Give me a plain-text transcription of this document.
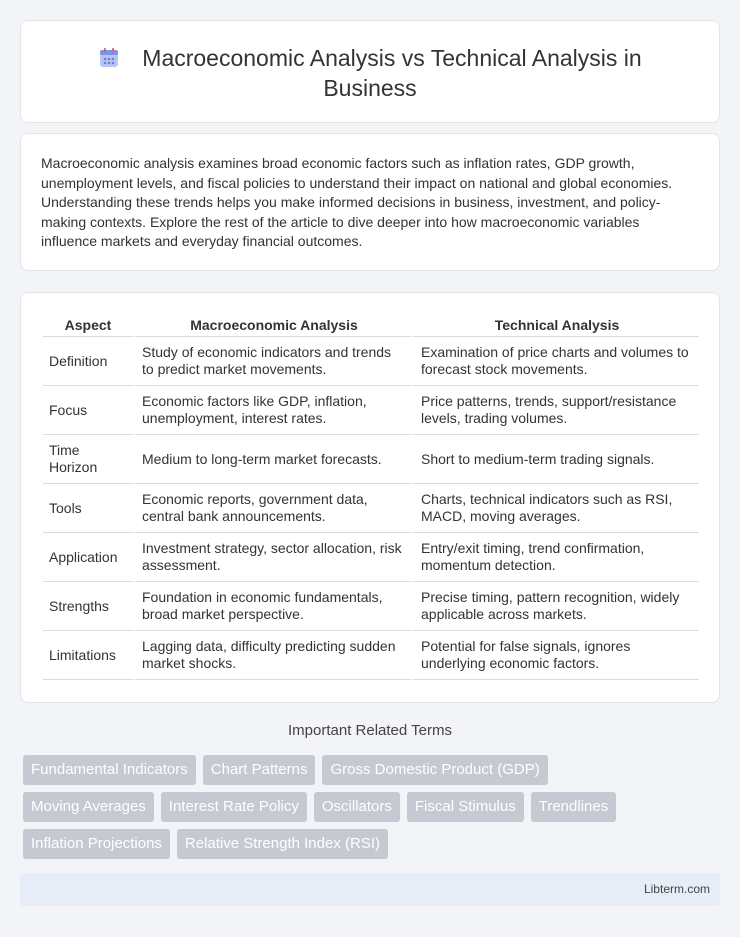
Macroeconomic Analysis vs Technical Analysis in
Business

Macroeconomic analysis examines broad economic factors such as inflation rates, GDP growth, unemployment levels, and fiscal policies to understand their impact on national and global economies. Understanding these trends helps you make informed decisions in business, investment, and policy-making contexts. Explore the rest of the article to dive deeper into how macroeconomic variables influence markets and everyday financial outcomes.

Aspect	Macroeconomic Analysis	Technical Analysis
Definition	Study of economic indicators and trends to predict market movements.	Examination of price charts and volumes to forecast stock movements.
Focus	Economic factors like GDP, inflation, unemployment, interest rates.	Price patterns, trends, support/resistance levels, trading volumes.
Time Horizon	Medium to long-term market forecasts.	Short to medium-term trading signals.
Tools	Economic reports, government data, central bank announcements.	Charts, technical indicators such as RSI, MACD, moving averages.
Application	Investment strategy, sector allocation, risk assessment.	Entry/exit timing, trend confirmation, momentum detection.
Strengths	Foundation in economic fundamentals, broad market perspective.	Precise timing, pattern recognition, widely applicable across markets.
Limitations	Lagging data, difficulty predicting sudden market shocks.	Potential for false signals, ignores underlying economic factors.
Important Related Terms
Fundamental Indicators	Chart Patterns	Gross Domestic Product (GDP)
Moving Averages	Interest Rate Policy	Oscillators	Fiscal Stimulus	Trendlines
Inflation Projections	Relative Strength Index (RSI)
Libterm.com
